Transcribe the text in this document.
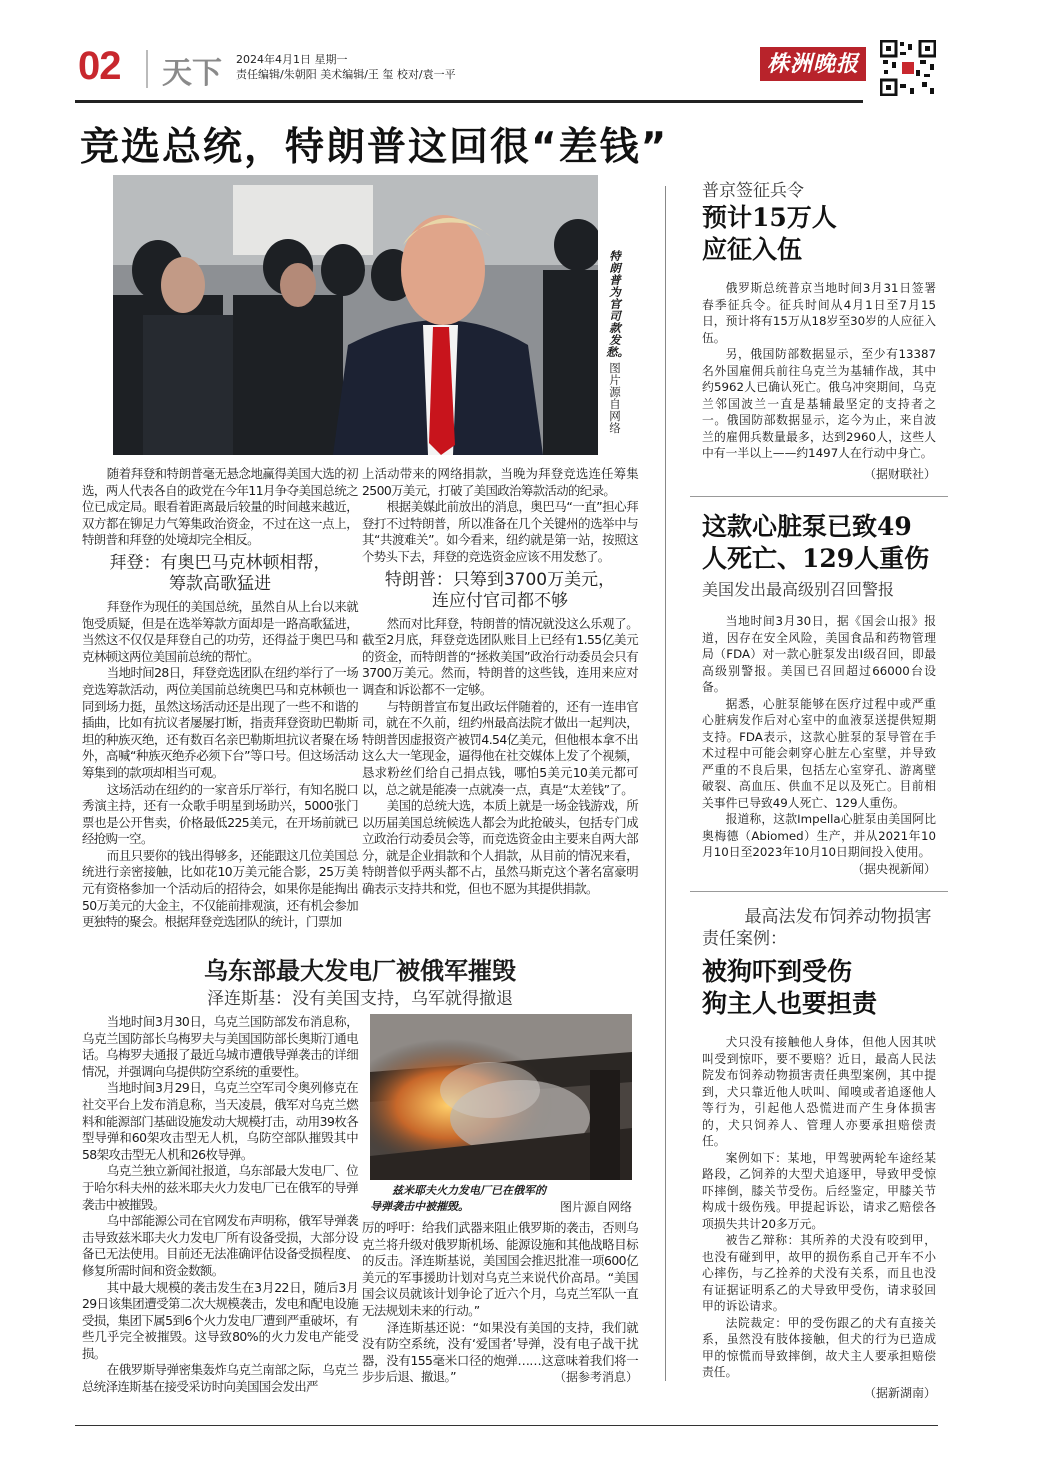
02 天下 2024年4月1日 星期一
责任编辑/朱朝阳 美术编辑/王 玺 校对/袁一平	株洲晚报
竞选总统，特朗普这回很“差钱”
特朗普为官司款发愁。
图片源自网络

随着拜登和特朗普毫无悬念地赢得美国大选的初选，两人代表各自的政党在今年11月争夺美国总统之位已成定局。眼看着距离最后较量的时间越来越近，双方都在铆足力气筹集政治资金，不过在这一点上，特朗普和拜登的处境却完全相反。

拜登：有奥巴马克林顿相帮，
筹款高歌猛进

拜登作为现任的美国总统，虽然自从上台以来就饱受质疑，但是在选举筹款方面却是一路高歌猛进，当然这不仅仅是拜登自己的功劳，还得益于奥巴马和克林顿这两位美国前总统的帮忙。

当地时间28日，拜登竞选团队在纽约举行了一场竞选筹款活动，两位美国前总统奥巴马和克林顿也一同到场力挺，虽然这场活动还是出现了一些不和谐的插曲，比如有抗议者屡屡打断，指责拜登资助巴勒斯坦的种族灭绝，还有数百名亲巴勒斯坦抗议者聚在场外，高喊“种族灭绝乔必须下台”等口号。但这场活动筹集到的款项却相当可观。

这场活动在纽约的一家音乐厅举行，有知名脱口秀演主持，还有一众歌手明星到场助兴，5000张门票也是公开售卖，价格最低225美元，在开场前就已经抢购一空。

而且只要你的钱出得够多，还能跟这几位美国总统进行亲密接触，比如花10万美元能合影，25万美元有资格参加一个活动后的招待会，如果你是能掏出50万美元的大金主，不仅能前排观演，还有机会参加更独特的聚会。根据拜登竞选团队的统计，门票加

上活动带来的网络捐款，当晚为拜登竞选连任筹集2500万美元，打破了美国政治筹款活动的纪录。

根据美媒此前放出的消息，奥巴马“一直”担心拜登打不过特朗普，所以准备在几个关键州的选举中与其“共渡难关”。如今看来，纽约就是第一站，按照这个势头下去，拜登的竞选资金应该不用发愁了。

特朗普：只筹到3700万美元，
连应付官司都不够

然而对比拜登，特朗普的情况就没这么乐观了。截至2月底，拜登竞选团队账目上已经有1.55亿美元的资金，而特朗普的“拯救美国”政治行动委员会只有3700万美元。然而，特朗普的这些钱，连用来应对调查和诉讼都不一定够。

与特朗普宣布复出政坛伴随着的，还有一连串官司，就在不久前，纽约州最高法院才做出一起判决，特朗普因虚报资产被罚4.54亿美元，但他根本拿不出这么大一笔现金，逼得他在社交媒体上发了个视频，恳求粉丝们给自己捐点钱，哪怕5美元10美元都可以，总之就是能凑一点就凑一点，真是“太差钱”了。

美国的总统大选，本质上就是一场金钱游戏，所以历届美国总统候选人都会为此抢破头，包括专门成立政治行动委员会等，而竞选资金由主要来自两大部分，就是企业捐款和个人捐款，从目前的情况来看，特朗普似乎两头都不占，虽然马斯克这个著名富豪明确表示支持共和党，但也不愿为其提供捐款。

乌东部最大发电厂被俄军摧毁
泽连斯基：没有美国支持，乌军就得撤退

当地时间3月30日，乌克兰国防部发布消息称，乌克兰国防部长乌梅罗夫与美国国防部长奥斯汀通电话。乌梅罗夫通报了最近乌城市遭俄导弹袭击的详细情况，并强调向乌提供防空系统的重要性。

当地时间3月29日，乌克兰空军司令奥列修克在社交平台上发布消息称，当天凌晨，俄军对乌克兰燃料和能源部门基础设施发动大规模打击，动用39枚各型导弹和60架攻击型无人机，乌防空部队摧毁其中58架攻击型无人机和26枚导弹。

乌克兰独立新闻社报道，乌东部最大发电厂、位于哈尔科夫州的兹米耶夫火力发电厂已在俄军的导弹袭击中被摧毁。

乌中部能源公司在官网发布声明称，俄军导弹袭击导致兹米耶夫火力发电厂所有设备受损，大部分设备已无法使用。目前还无法准确评估设备受损程度、修复所需时间和资金数额。

其中最大规模的袭击发生在3月22日，随后3月29日该集团遭受第二次大规模袭击，发电和配电设施受损，集团下属5到6个火力发电厂遭到严重破坏，有些几乎完全被摧毁。这导致80%的火力发电产能受损。

在俄罗斯导弹密集轰炸乌克兰南部之际，乌克兰总统泽连斯基在接受采访时向美国国会发出严

兹米耶夫火力发电厂已在俄军的导弹袭击中被摧毁。	图片源自网络

厉的呼吁：给我们武器来阻止俄罗斯的袭击，否则乌克兰将升级对俄罗斯机场、能源设施和其他战略目标的反击。泽连斯基说，美国国会推迟批准一项600亿美元的军事援助计划对乌克兰来说代价高昂。“美国国会议员就该计划争论了近六个月，乌克兰军队一直无法规划未来的行动。”

泽连斯基还说：“如果没有美国的支持，我们就没有防空系统，没有‘爱国者’导弹，没有电子战干扰器，没有155毫米口径的炮弹……这意味着我们将一步步后退、撤退。”	（据参考消息）

普京签征兵令
预计15万人
应征入伍

俄罗斯总统普京当地时间3月31日签署春季征兵令。征兵时间从4月1日至7月15日，预计将有15万从18岁至30岁的人应征入伍。

另，俄国防部数据显示，至少有13387名外国雇佣兵前往乌克兰为基辅作战，其中约5962人已确认死亡。俄乌冲突期间，乌克兰邻国波兰一直是基辅最坚定的支持者之一。俄国防部数据显示，迄今为止，来自波兰的雇佣兵数量最多，达到2960人，这些人中有一半以上——约1497人在行动中身亡。

（据财联社）
这款心脏泵已致49
人死亡、129人重伤
美国发出最高级别召回警报

当地时间3月30日，据《国会山报》报道，因存在安全风险，美国食品和药物管理局（FDA）对一款心脏泵发出I级召回，即最高级别警报。美国已召回超过66000台设备。

据悉，心脏泵能够在医疗过程中或严重心脏病发作后对心室中的血液泵送提供短期支持。FDA表示，这款心脏泵的泵导管在手术过程中可能会刺穿心脏左心室壁，并导致严重的不良后果，包括左心室穿孔、游离壁破裂、高血压、供血不足以及死亡。目前相关事件已导致49人死亡、129人重伤。

报道称，这款Impella心脏泵由美国阿比奥梅德（Abiomed）生产，并从2021年10月10日至2023年10月10日期间投入使用。

（据央视新闻）
最高法发布饲养动物损害责任案例：
被狗吓到受伤
狗主人也要担责

犬只没有接触他人身体，但他人因其吠叫受到惊吓，要不要赔？近日，最高人民法院发布饲养动物损害责任典型案例，其中提到，犬只靠近他人吠叫、闻嗅或者追逐他人等行为，引起他人恐慌进而产生身体损害的，犬只饲养人、管理人亦要承担赔偿责任。

案例如下：某地，甲驾驶两轮车途经某路段，乙饲养的大型犬追逐甲，导致甲受惊吓摔倒，膝关节受伤。后经鉴定，甲膝关节构成十级伤残。甲提起诉讼，请求乙赔偿各项损失共计20多万元。

被告乙辩称：其所养的犬没有咬到甲，也没有碰到甲，故甲的损伤系自己开车不小心摔伤，与乙拴养的犬没有关系，而且也没有证据证明系乙的犬导致甲受伤，请求驳回甲的诉讼请求。

法院裁定：甲的受伤跟乙的犬有直接关系，虽然没有肢体接触，但犬的行为已造成甲的惊慌而导致摔倒，故犬主人要承担赔偿责任。

（据新湖南）
